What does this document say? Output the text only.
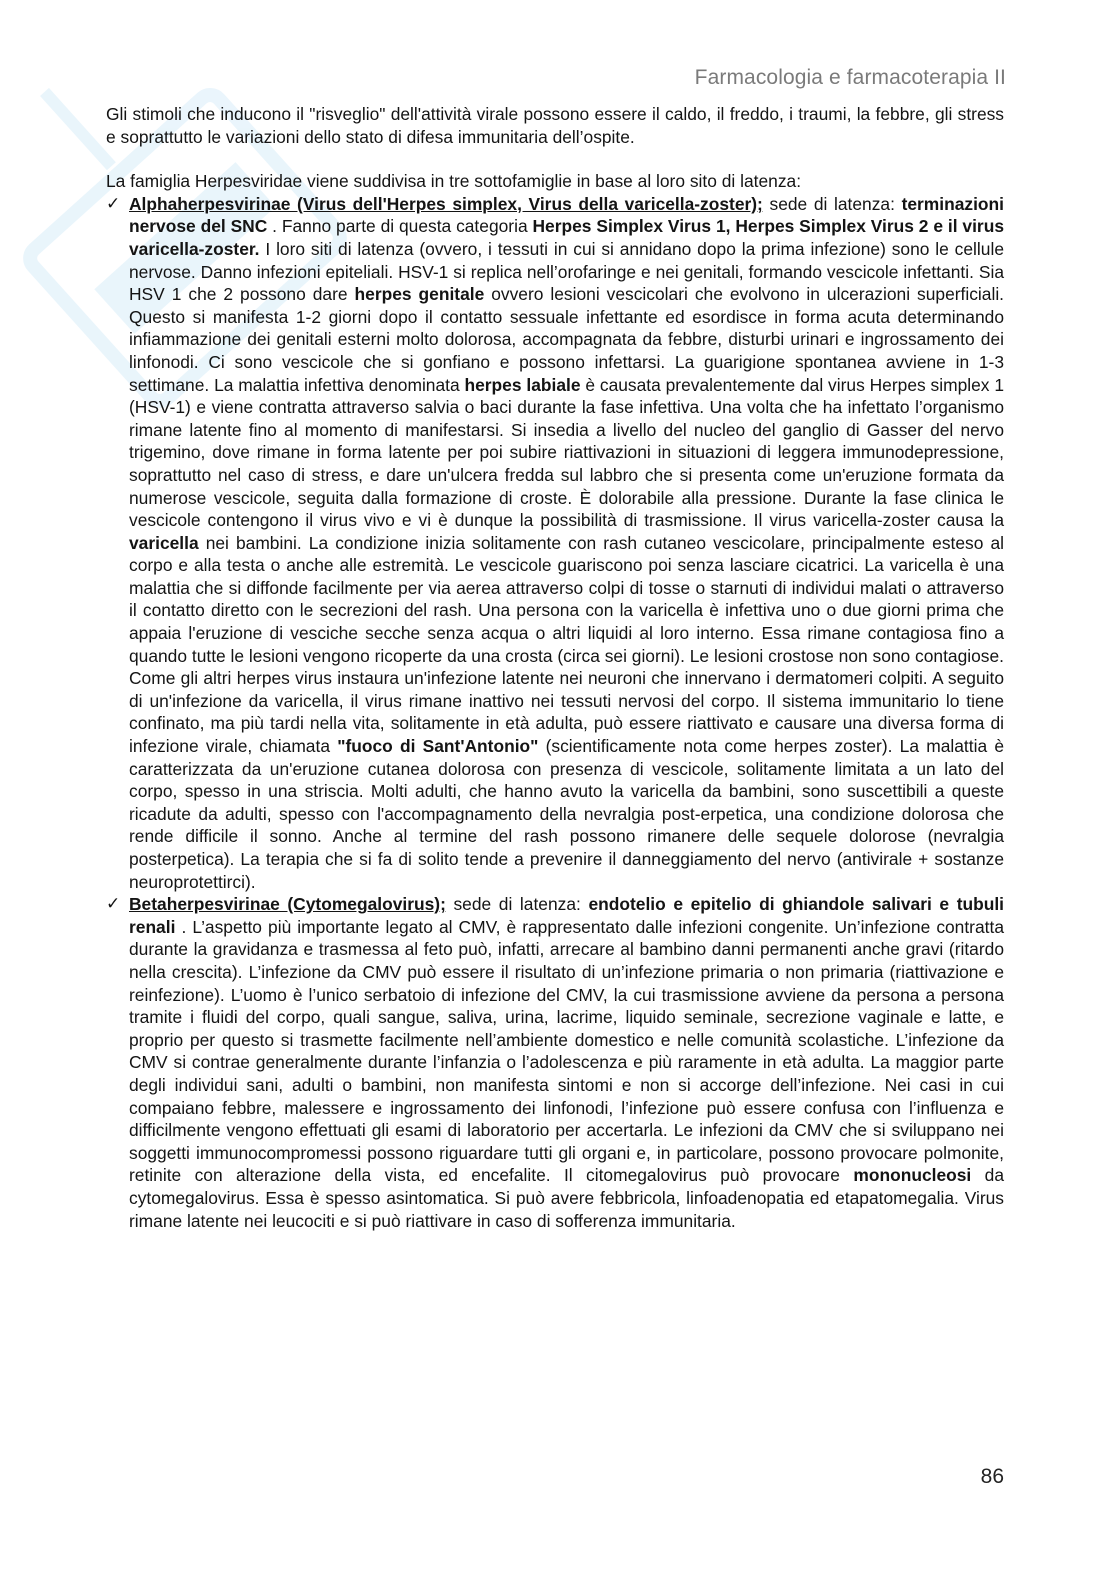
Farmacologia e farmacoterapia II

Gli stimoli che inducono il "risveglio" dell'attività virale possono essere il caldo, il freddo, i traumi, la febbre, gli stress e soprattutto le variazioni dello stato di difesa immunitaria dell’ospite.

La famiglia Herpesviridae viene suddivisa in tre sottofamiglie in base al loro sito di latenza:

✓ Alphaherpesvirinae (Virus dell'Herpes simplex, Virus della varicella-zoster); sede di latenza: terminazioni nervose del SNC . Fanno parte di questa categoria Herpes Simplex Virus 1, Herpes Simplex Virus 2 e il virus varicella-zoster. I loro siti di latenza (ovvero, i tessuti in cui si annidano dopo la prima infezione) sono le cellule nervose. Danno infezioni epiteliali. HSV-1 si replica nell’orofaringe e nei genitali, formando vescicole infettanti. Sia HSV 1 che 2 possono dare herpes genitale ovvero lesioni vescicolari che evolvono in ulcerazioni superficiali. Questo si manifesta 1-2 giorni dopo il contatto sessuale infettante ed esordisce in forma acuta determinando infiammazione dei genitali esterni molto dolorosa, accompagnata da febbre, disturbi urinari e ingrossamento dei linfonodi. Ci sono vescicole che si gonfiano e possono infettarsi. La guarigione spontanea avviene in 1-3 settimane. La malattia infettiva denominata herpes labiale è causata prevalentemente dal virus Herpes simplex 1 (HSV-1) e viene contratta attraverso salvia o baci durante la fase infettiva. Una volta che ha infettato l’organismo rimane latente fino al momento di manifestarsi. Si insedia a livello del nucleo del ganglio di Gasser del nervo trigemino, dove rimane in forma latente per poi subire riattivazioni in situazioni di leggera immunodepressione, soprattutto nel caso di stress, e dare un'ulcera fredda sul labbro che si presenta come un'eruzione formata da numerose vescicole, seguita dalla formazione di croste. È dolorabile alla pressione. Durante la fase clinica le vescicole contengono il virus vivo e vi è dunque la possibilità di trasmissione. Il virus varicella-zoster causa la varicella nei bambini. La condizione inizia solitamente con rash cutaneo vescicolare, principalmente esteso al corpo e alla testa o anche alle estremità. Le vescicole guariscono poi senza lasciare cicatrici. La varicella è una malattia che si diffonde facilmente per via aerea attraverso colpi di tosse o starnuti di individui malati o attraverso il contatto diretto con le secrezioni del rash. Una persona con la varicella è infettiva uno o due giorni prima che appaia l'eruzione di vesciche secche senza acqua o altri liquidi al loro interno. Essa rimane contagiosa fino a quando tutte le lesioni vengono ricoperte da una crosta (circa sei giorni). Le lesioni crostose non sono contagiose. Come gli altri herpes virus instaura un'infezione latente nei neuroni che innervano i dermatomeri colpiti. A seguito di un'infezione da varicella, il virus rimane inattivo nei tessuti nervosi del corpo. Il sistema immunitario lo tiene confinato, ma più tardi nella vita, solitamente in età adulta, può essere riattivato e causare una diversa forma di infezione virale, chiamata "fuoco di Sant'Antonio" (scientificamente nota come herpes zoster). La malattia è caratterizzata da un'eruzione cutanea dolorosa con presenza di vescicole, solitamente limitata a un lato del corpo, spesso in una striscia. Molti adulti, che hanno avuto la varicella da bambini, sono suscettibili a queste ricadute da adulti, spesso con l'accompagnamento della nevralgia post-erpetica, una condizione dolorosa che rende difficile il sonno. Anche al termine del rash possono rimanere delle sequele dolorose (nevralgia posterpetica). La terapia che si fa di solito tende a prevenire il danneggiamento del nervo (antivirale + sostanze neuroprotettirci).

✓ Betaherpesvirinae (Cytomegalovirus); sede di latenza: endotelio e epitelio di ghiandole salivari e tubuli renali . L’aspetto più importante legato al CMV, è rappresentato dalle infezioni congenite. Un’infezione contratta durante la gravidanza e trasmessa al feto può, infatti, arrecare al bambino danni permanenti anche gravi (ritardo nella crescita). L’infezione da CMV può essere il risultato di un’infezione primaria o non primaria (riattivazione e reinfezione). L’uomo è l’unico serbatoio di infezione del CMV, la cui trasmissione avviene da persona a persona tramite i fluidi del corpo, quali sangue, saliva, urina, lacrime, liquido seminale, secrezione vaginale e latte, e proprio per questo si trasmette facilmente nell’ambiente domestico e nelle comunità scolastiche. L’infezione da CMV si contrae generalmente durante l’infanzia o l’adolescenza e più raramente in età adulta. La maggior parte degli individui sani, adulti o bambini, non manifesta sintomi e non si accorge dell’infezione. Nei casi in cui compaiano febbre, malessere e ingrossamento dei linfonodi, l’infezione può essere confusa con l’influenza e difficilmente vengono effettuati gli esami di laboratorio per accertarla. Le infezioni da CMV che si sviluppano nei soggetti immunocompromessi possono riguardare tutti gli organi e, in particolare, possono provocare polmonite, retinite con alterazione della vista, ed encefalite. Il citomegalovirus può provocare mononucleosi da cytomegalovirus. Essa è spesso asintomatica. Si può avere febbricola, linfoadenopatia ed etapatomegalia. Virus rimane latente nei leucociti e si può riattivare in caso di sofferenza immunitaria.

86
